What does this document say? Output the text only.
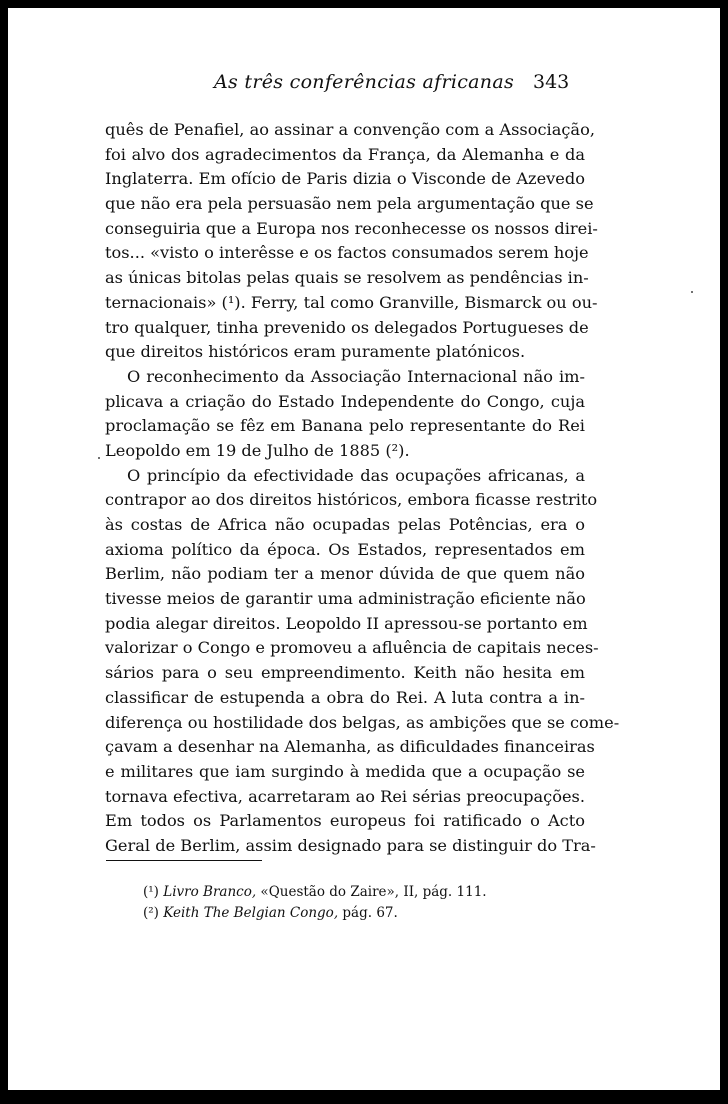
As três conferências africanas 343
quês de Penafiel, ao assinar a convenção com a Associação,
foi alvo dos agradecimentos da França, da Alemanha e da
Inglaterra. Em ofício de Paris dizia o Visconde de Azevedo
que não era pela persuasão nem pela argumentação que se
conseguiria que a Europa nos reconhecesse os nossos direi-
tos... «visto o interêsse e os factos consumados serem hoje
as únicas bitolas pelas quais se resolvem as pendências in-
ternacionais» (¹). Ferry, tal como Granville, Bismarck ou ou-
tro qualquer, tinha prevenido os delegados Portugueses de
que direitos históricos eram puramente platónicos.
O reconhecimento da Associação Internacional não im-
plicava a criação do Estado Independente do Congo, cuja
proclamação se fêz em Banana pelo representante do Rei
Leopoldo em 19 de Julho de 1885 (²).
O princípio da efectividade das ocupações africanas, a
contrapor ao dos direitos históricos, embora ficasse restrito
às costas de Africa não ocupadas pelas Potências, era o
axioma político da época. Os Estados, representados em
Berlim, não podiam ter a menor dúvida de que quem não
tivesse meios de garantir uma administração eficiente não
podia alegar direitos. Leopoldo II apressou-se portanto em
valorizar o Congo e promoveu a afluência de capitais neces-
sários para o seu empreendimento. Keith não hesita em
classificar de estupenda a obra do Rei. A luta contra a in-
diferença ou hostilidade dos belgas, as ambições que se come-
çavam a desenhar na Alemanha, as dificuldades financeiras
e militares que iam surgindo à medida que a ocupação se
tornava efectiva, acarretaram ao Rei sérias preocupações.
Em todos os Parlamentos europeus foi ratificado o Acto
Geral de Berlim, assim designado para se distinguir do Tra-
(¹) Livro Branco, «Questão do Zaire», II, pág. 111.
(²) Keith The Belgian Congo, pág. 67.
